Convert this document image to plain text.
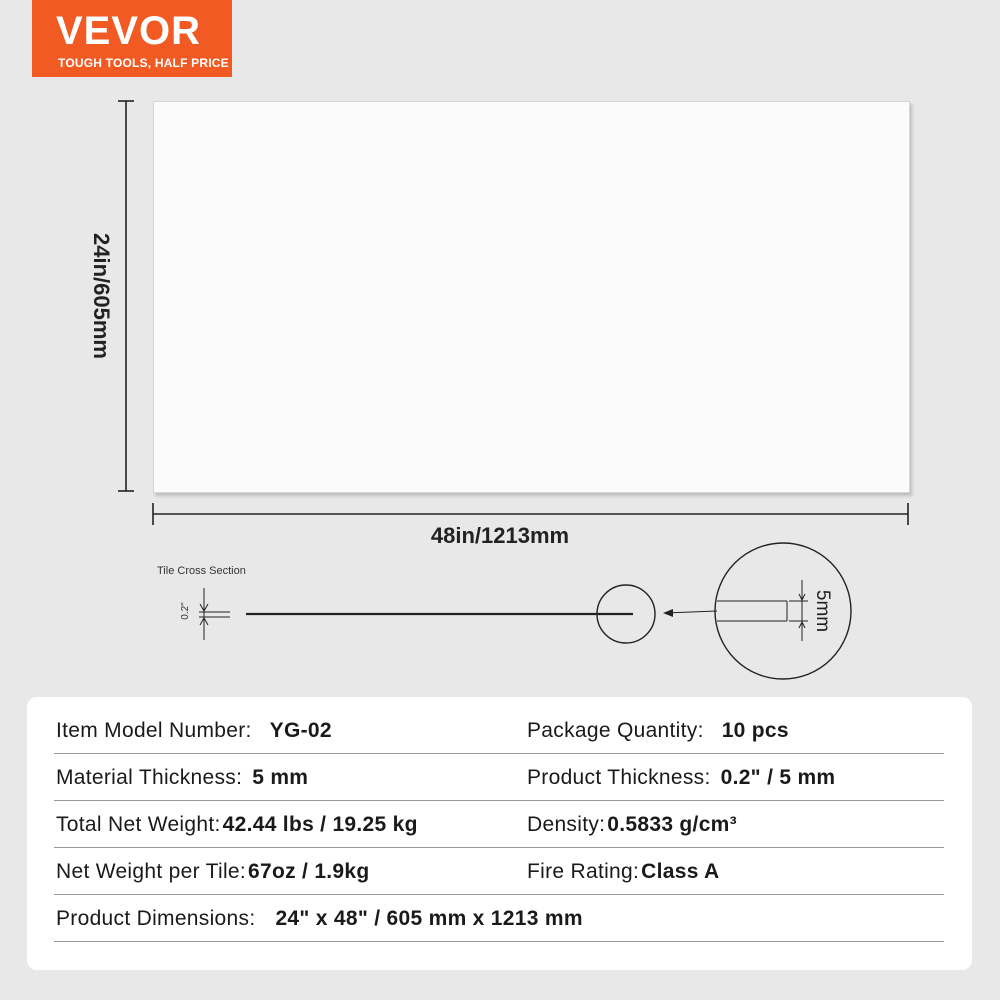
VEVOR
TOUGH TOOLS, HALF PRICE
24in/605mm
48in/1213mm
Tile Cross Section
0.2"	5mm
Item Model Number: YG-02	Package Quantity: 10 pcs
Material Thickness: 5 mm	Product Thickness: 0.2" / 5 mm
Total Net Weight:42.44 lbs / 19.25 kg	Density:0.5833 g/cm³
Net Weight per Tile:67oz / 1.9kg	Fire Rating:Class A
Product Dimensions: 24" x 48" / 605 mm x 1213 mm
